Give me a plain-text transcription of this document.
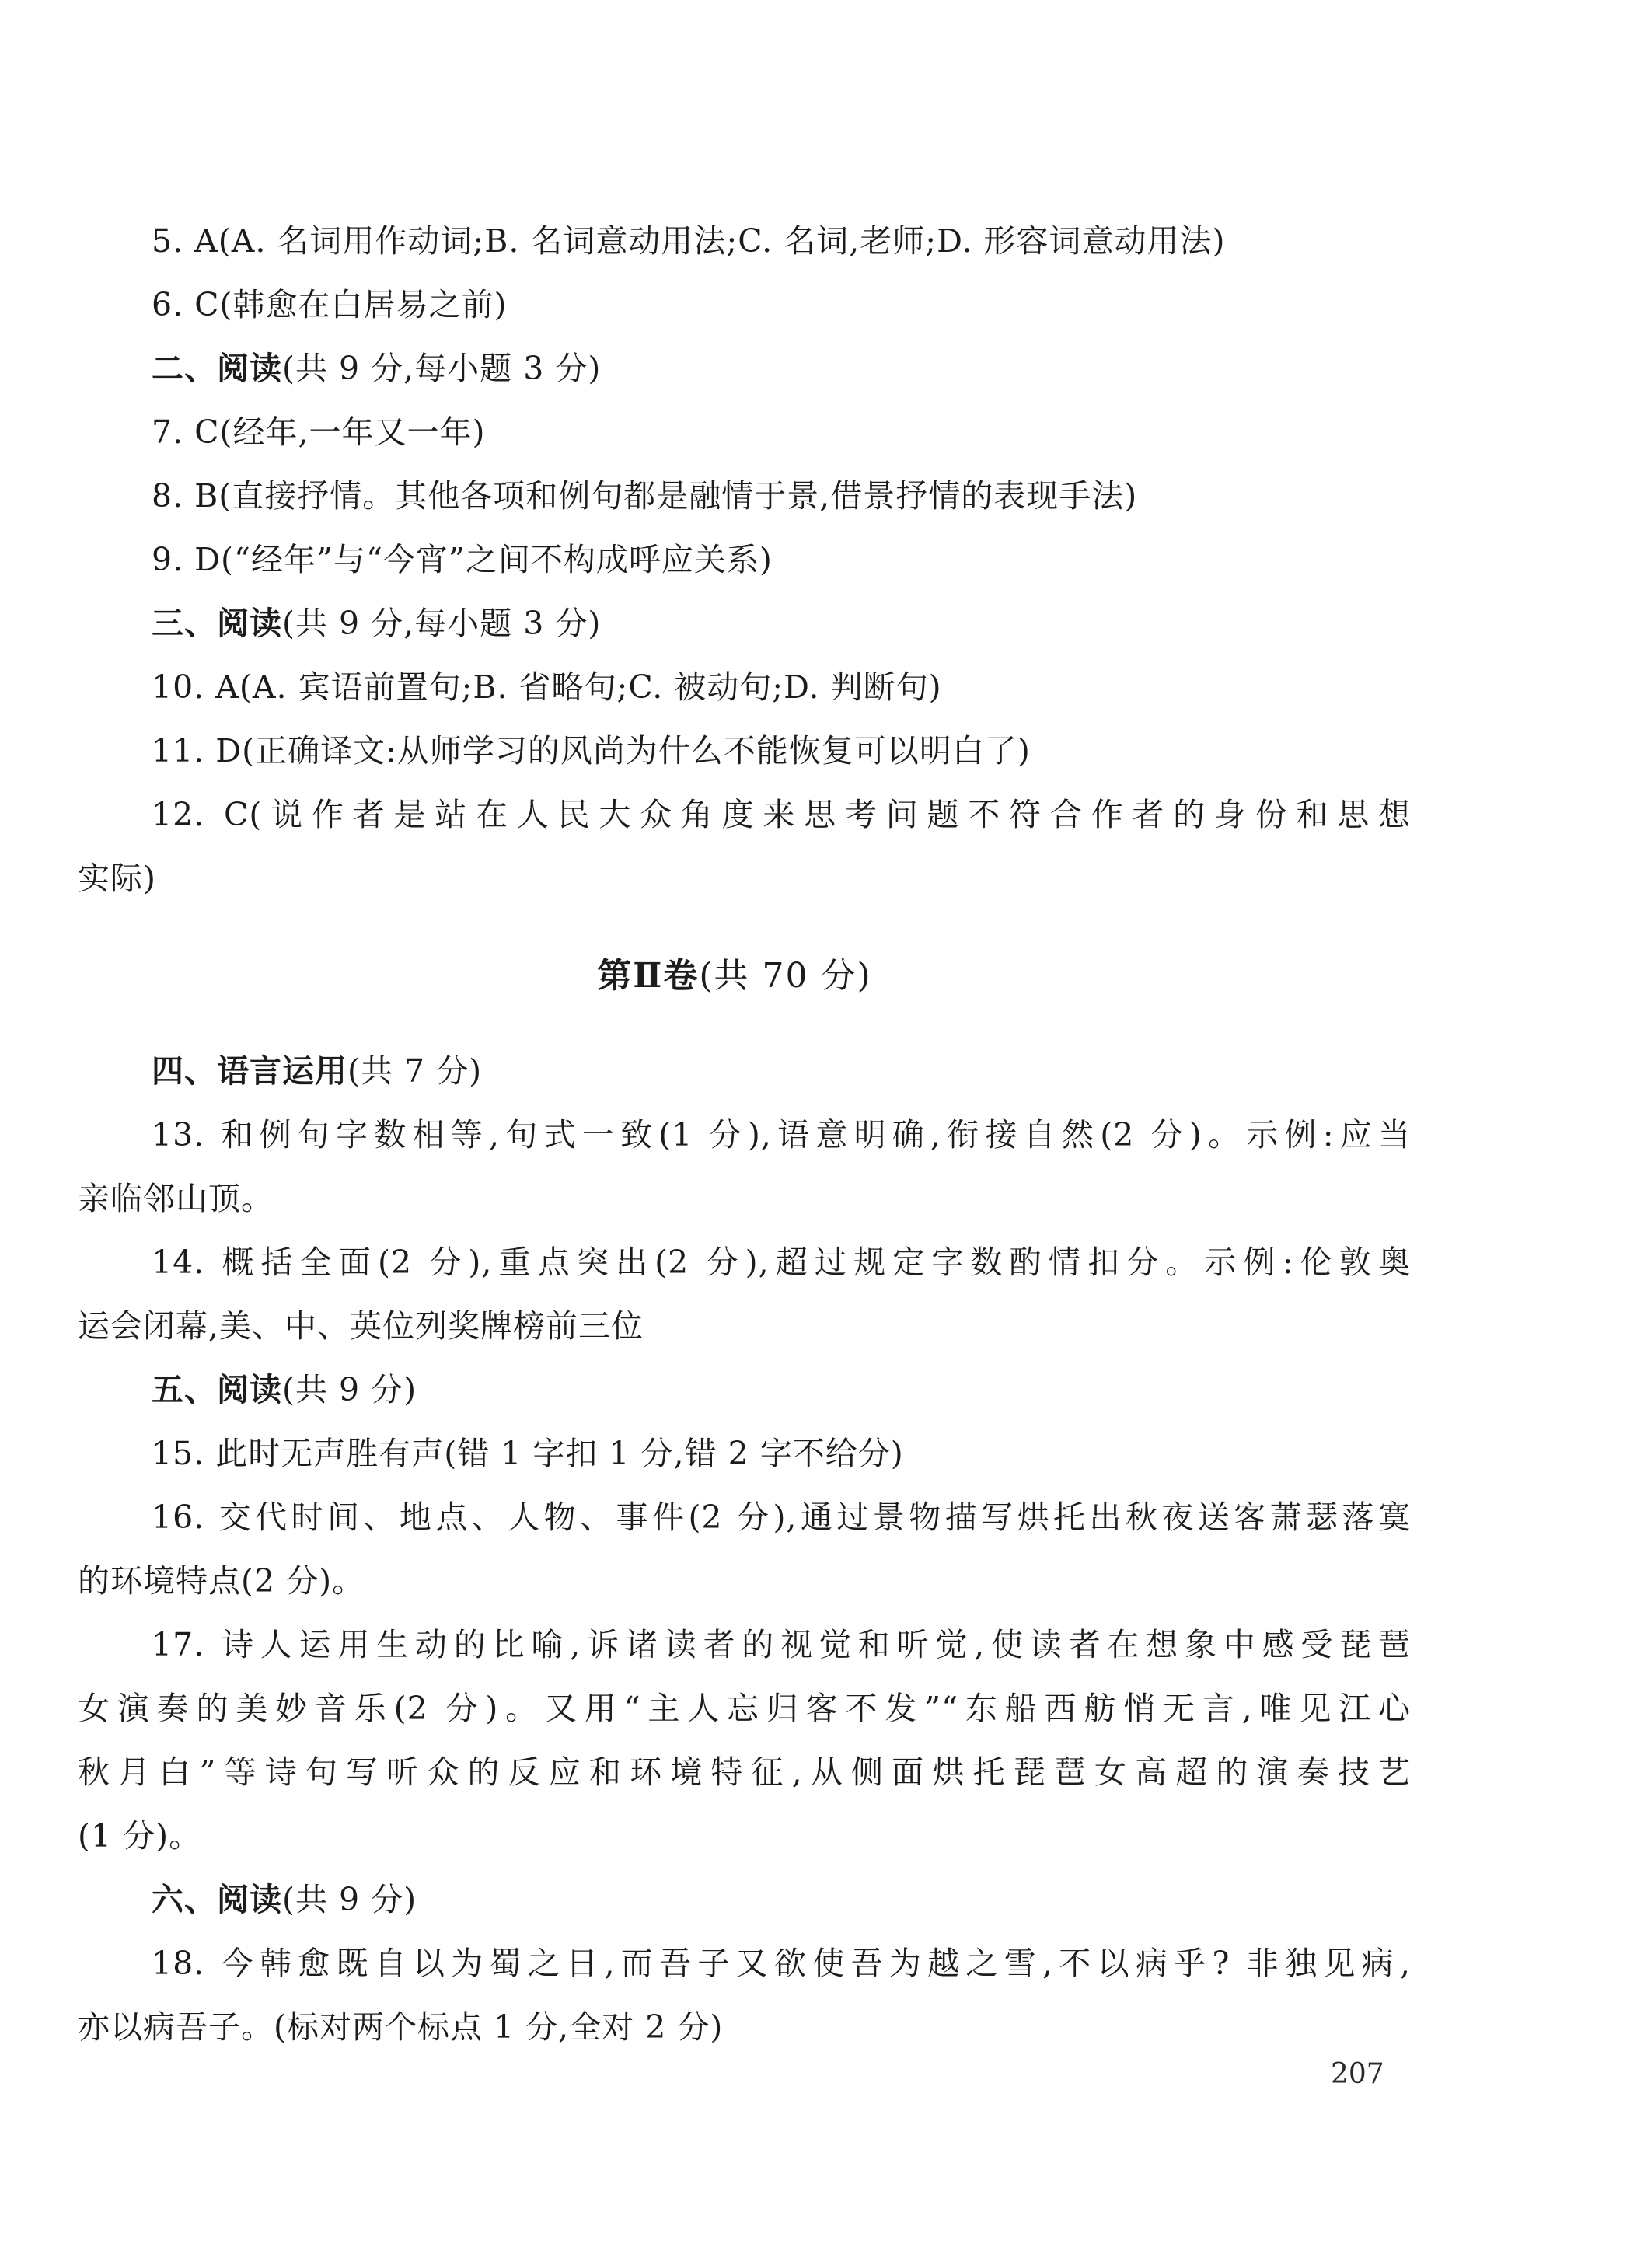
5. A(A. 名词用作动词;B. 名词意动用法;C. 名词,老师;D. 形容词意动用法)
6. C(韩愈在白居易之前)
二、阅读(共 9 分,每小题 3 分)
7. C(经年,一年又一年)
8. B(直接抒情。其他各项和例句都是融情于景,借景抒情的表现手法)
9. D(“经年”与“今宵”之间不构成呼应关系)
三、阅读(共 9 分,每小题 3 分)
10. A(A. 宾语前置句;B. 省略句;C. 被动句;D. 判断句)
11. D(正确译文:从师学习的风尚为什么不能恢复可以明白了)
12. C(说作者是站在人民大众角度来思考问题不符合作者的身份和思想
实际)
第Ⅱ卷(共 70 分)
四、语言运用(共 7 分)
13. 和例句字数相等,句式一致(1 分),语意明确,衔接自然(2 分)。示例:应当
亲临邻山顶。
14. 概括全面(2 分),重点突出(2 分),超过规定字数酌情扣分。示例:伦敦奥
运会闭幕,美、中、英位列奖牌榜前三位
五、阅读(共 9 分)
15. 此时无声胜有声(错 1 字扣 1 分,错 2 字不给分)
16. 交代时间、地点、人物、事件(2 分),通过景物描写烘托出秋夜送客萧瑟落寞
的环境特点(2 分)。
17. 诗人运用生动的比喻,诉诸读者的视觉和听觉,使读者在想象中感受琵琶
女演奏的美妙音乐(2 分)。又用“主人忘归客不发”“东船西舫悄无言,唯见江心
秋月白”等诗句写听众的反应和环境特征,从侧面烘托琵琶女高超的演奏技艺
(1 分)。
六、阅读(共 9 分)
18. 今韩愈既自以为蜀之日,而吾子又欲使吾为越之雪,不以病乎? 非独见病,
亦以病吾子。(标对两个标点 1 分,全对 2 分)
207
